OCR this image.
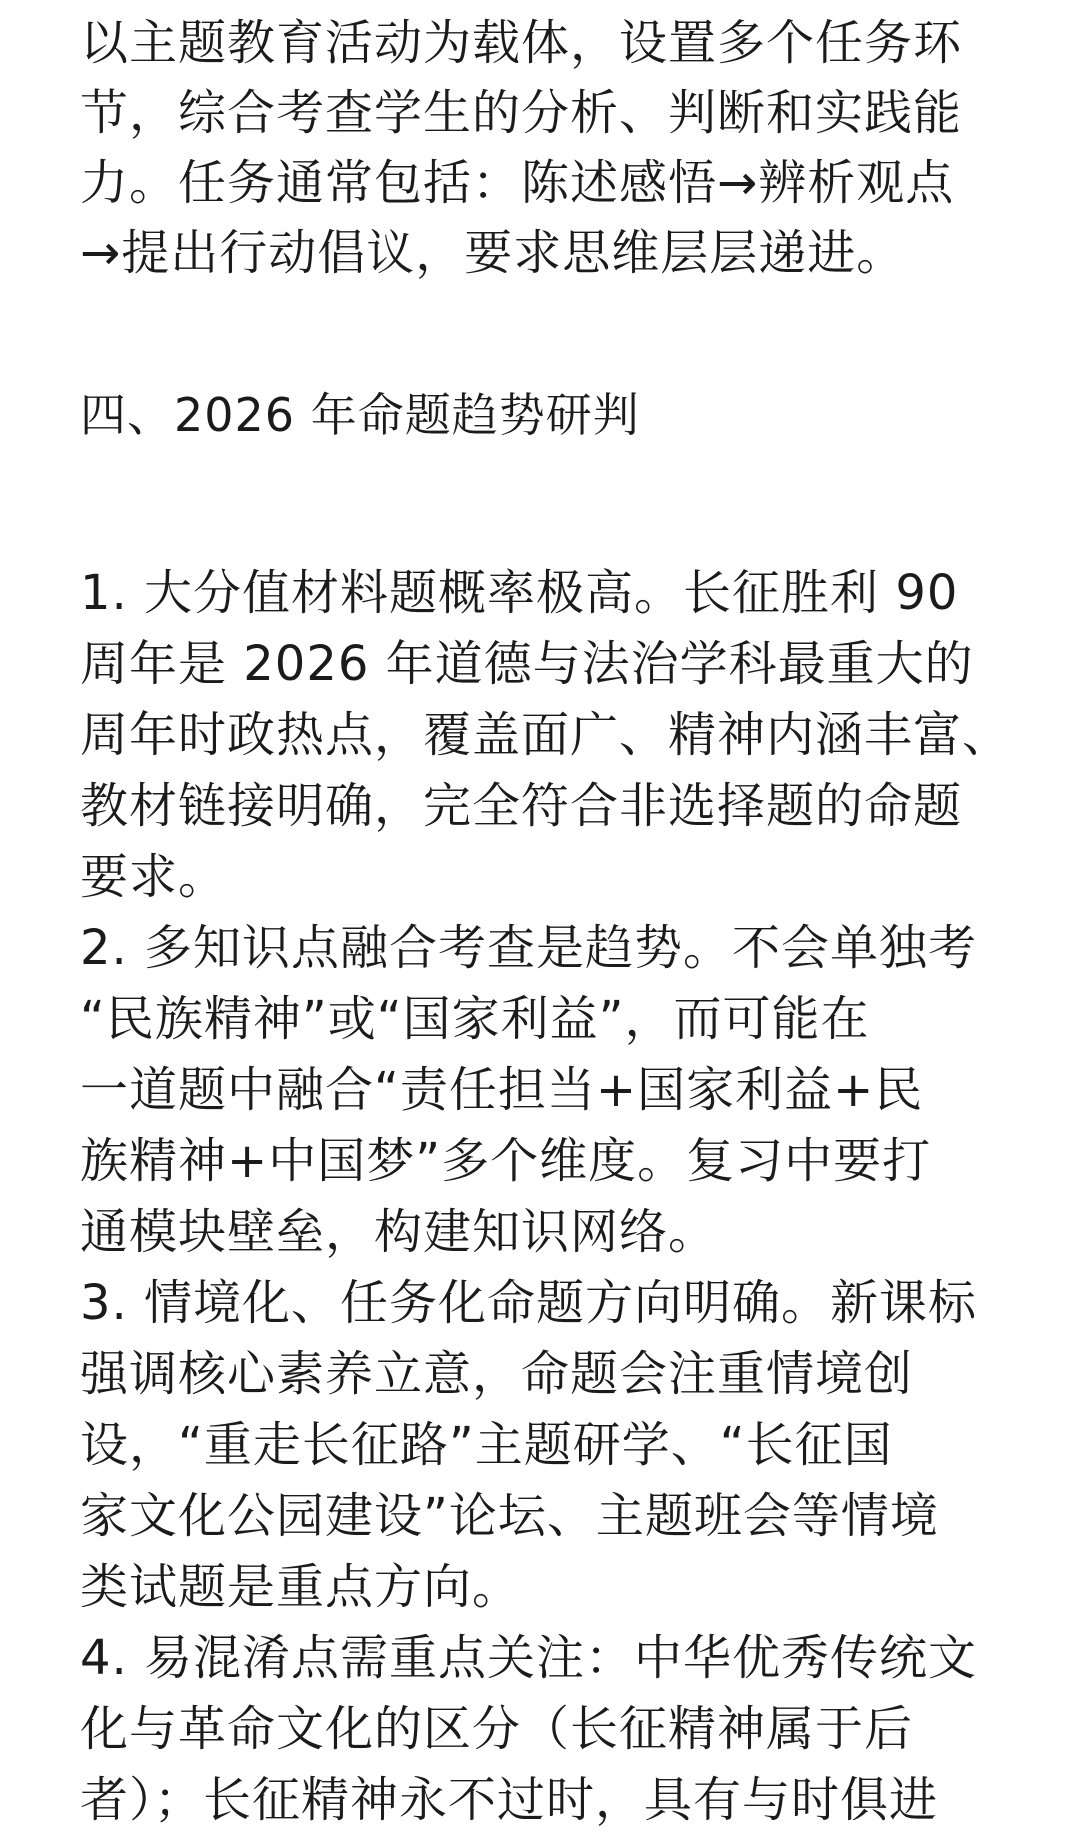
以主题教育活动为载体，设置多个任务环
节，综合考查学生的分析、判断和实践能
力。任务通常包括：陈述感悟→辨析观点
→提出行动倡议，要求思维层层递进。

四、2026 年命题趋势研判

1. 大分值材料题概率极高。长征胜利 90
周年是 2026 年道德与法治学科最重大的
周年时政热点，覆盖面广、精神内涵丰富、
教材链接明确，完全符合非选择题的命题
要求。

2. 多知识点融合考查是趋势。不会单独考
“民族精神”或“国家利益”，而可能在
一道题中融合“责任担当+国家利益+民
族精神+中国梦”多个维度。复习中要打
通模块壁垒，构建知识网络。

3. 情境化、任务化命题方向明确。新课标
强调核心素养立意，命题会注重情境创
设，“重走长征路”主题研学、“长征国
家文化公园建设”论坛、主题班会等情境
类试题是重点方向。

4. 易混淆点需重点关注：中华优秀传统文
化与革命文化的区分（长征精神属于后
者）；长征精神永不过时，具有与时俱进
